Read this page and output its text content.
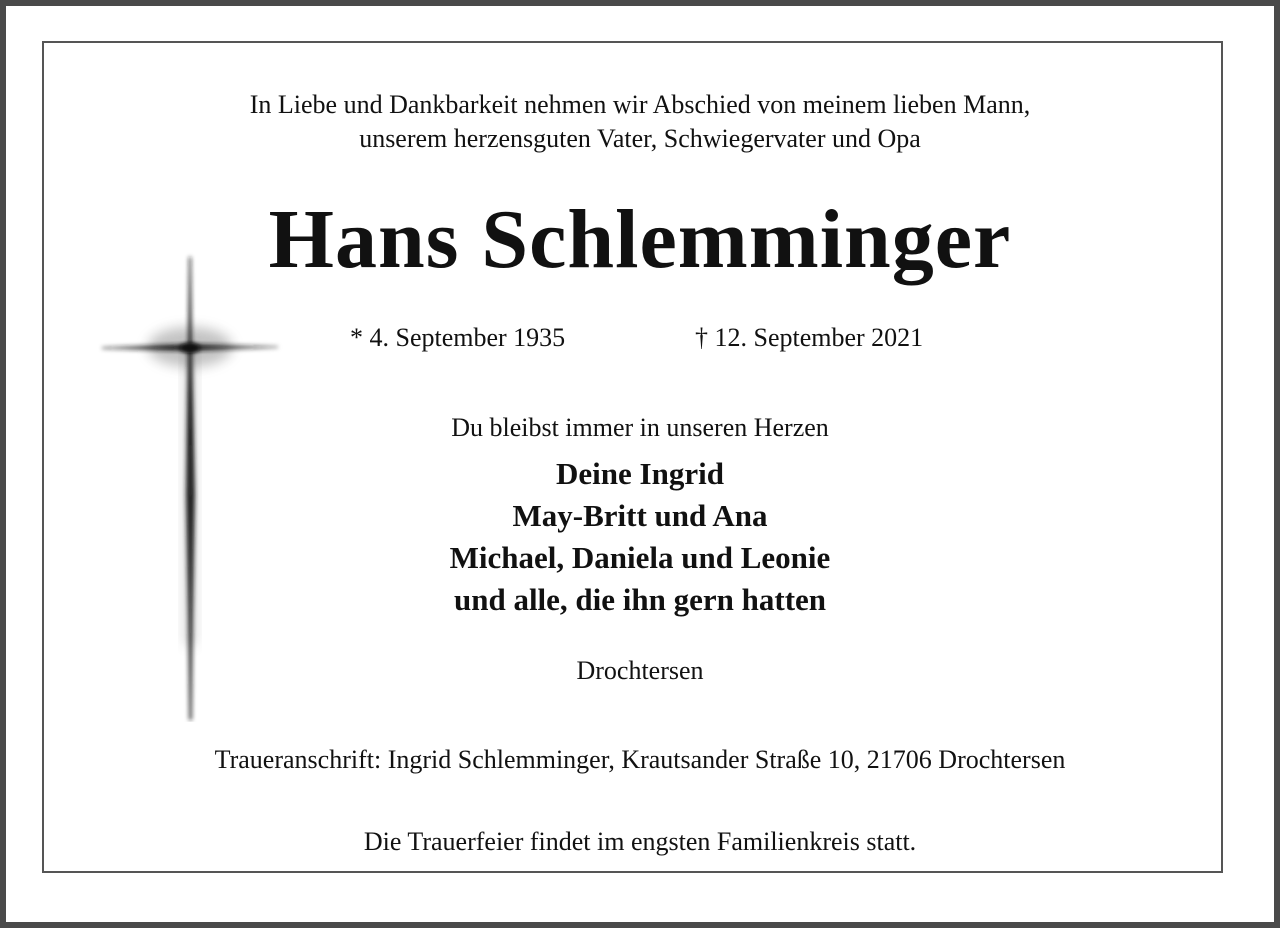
In Liebe und Dankbarkeit nehmen wir Abschied von meinem lieben Mann,
unserem herzensguten Vater, Schwiegervater und Opa
Hans Schlemminger
* 4. September 1935	† 12. September 2021
Du bleibst immer in unseren Herzen
Deine Ingrid
May-Britt und Ana
Michael, Daniela und Leonie
und alle, die ihn gern hatten
Drochtersen
Traueranschrift: Ingrid Schlemminger, Krautsander Straße 10, 21706 Drochtersen
Die Trauerfeier findet im engsten Familienkreis statt.
